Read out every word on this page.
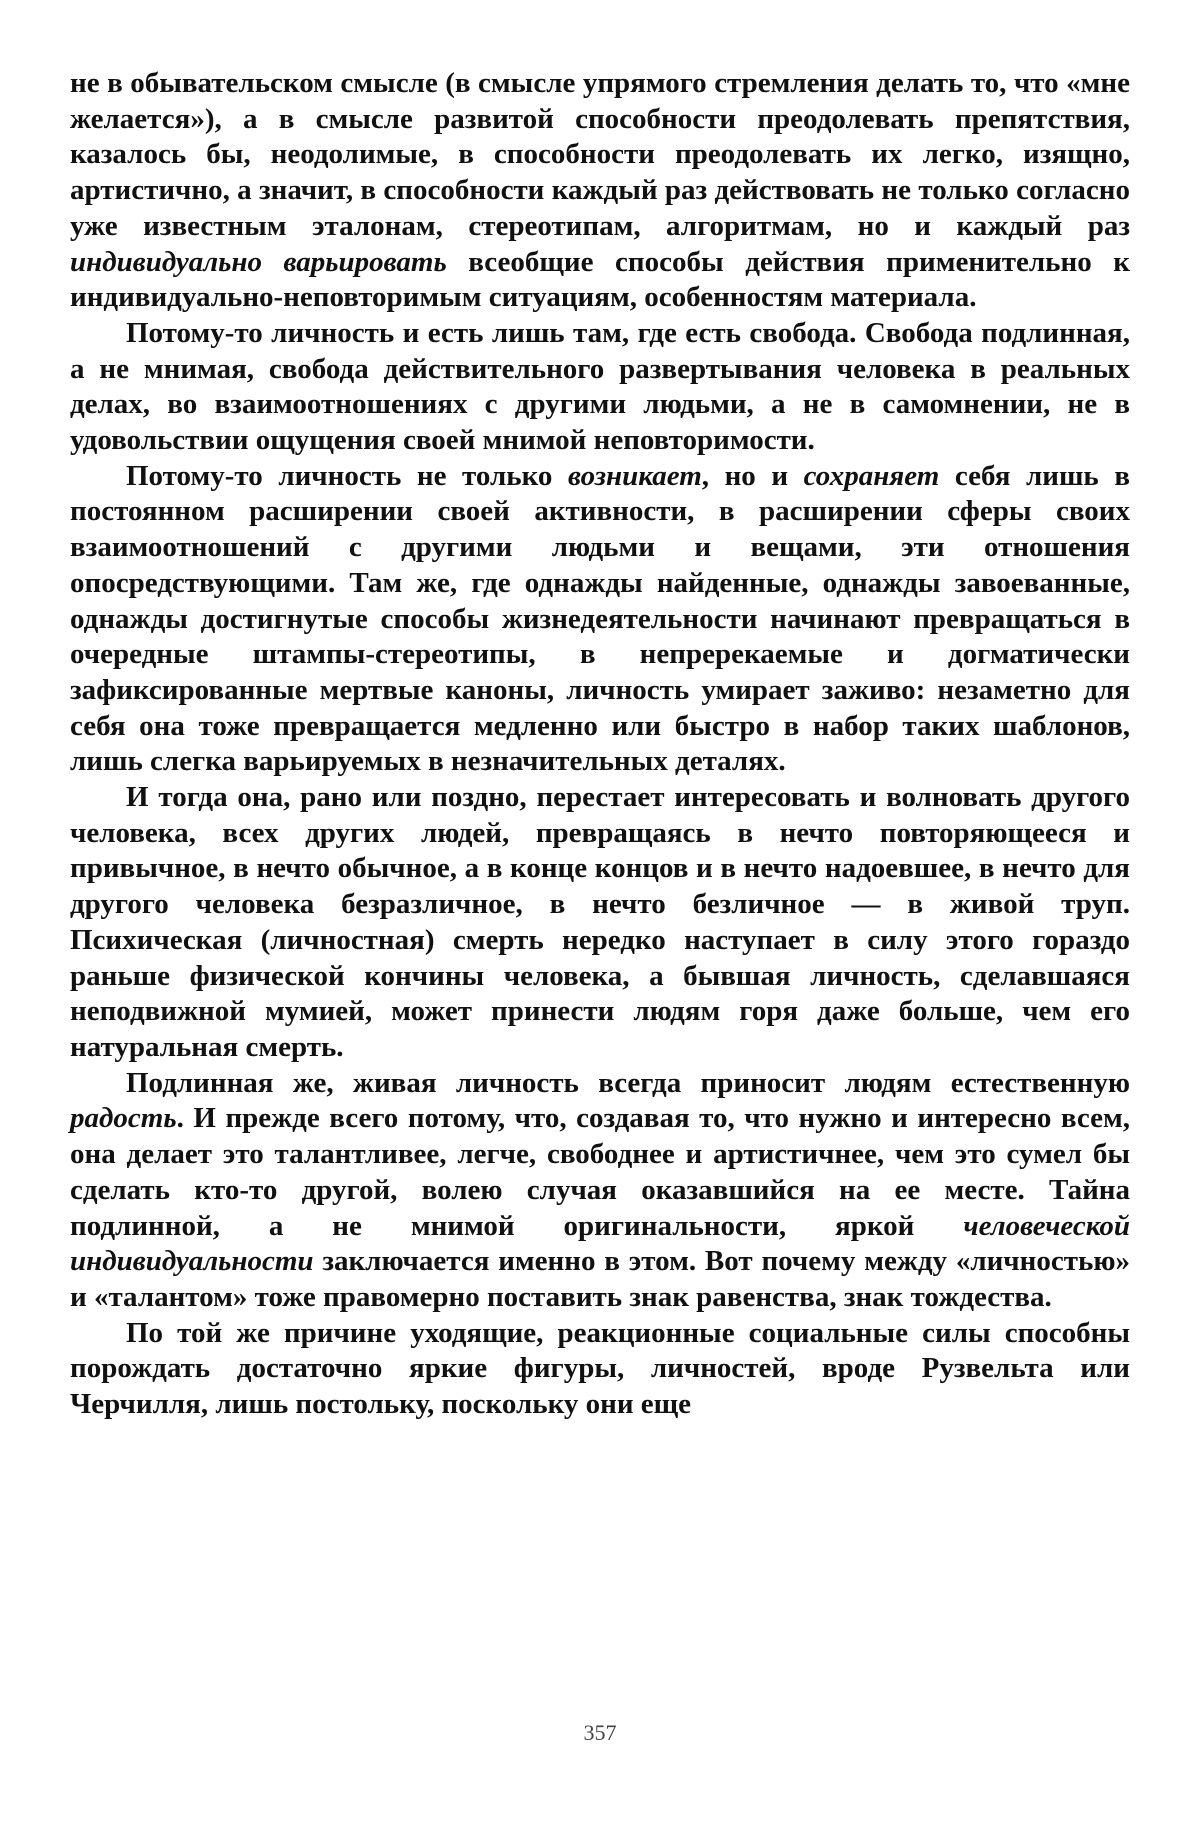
не в обывательском смысле (в смысле упрямого стремления делать то, что «мне желается»), а в смысле развитой способности преодолевать препятствия, казалось бы, неодолимые, в способности преодолевать их легко, изящно, артистично, а значит, в способности каждый раз действовать не только согласно уже известным эталонам, стереотипам, алгоритмам, но и каждый раз индивидуально варьировать всеобщие способы действия применительно к индивидуально-неповторимым ситуациям, особенностям материала.

Потому-то личность и есть лишь там, где есть свобода. Свобода подлинная, а не мнимая, свобода действительного развертывания человека в реальных делах, во взаимоотношениях с другими людьми, а не в самомнении, не в удовольствии ощущения своей мнимой неповторимости.

Потому-то личность не только возникает, но и сохраняет себя лишь в постоянном расширении своей активности, в расширении сферы своих взаимоотношений с другими людьми и вещами, эти отношения опосредствующими. Там же, где однажды найденные, однажды завоеванные, однажды достигнутые способы жизнедеятельности начинают превращаться в очередные штампы-стереотипы, в непререкаемые и догматически зафиксированные мертвые каноны, личность умирает заживо: незаметно для себя она тоже превращается медленно или быстро в набор таких шаблонов, лишь слегка варьируемых в незначительных деталях.

И тогда она, рано или поздно, перестает интересовать и волновать другого человека, всех других людей, превращаясь в нечто повторяющееся и привычное, в нечто обычное, а в конце концов и в нечто надоевшее, в нечто для другого человека безразличное, в нечто безличное — в живой труп. Психическая (личностная) смерть нередко наступает в силу этого гораздо раньше физической кончины человека, а бывшая личность, сделавшаяся неподвижной мумией, может принести людям горя даже больше, чем его натуральная смерть.

Подлинная же, живая личность всегда приносит людям естественную радость. И прежде всего потому, что, создавая то, что нужно и интересно всем, она делает это талантливее, легче, свободнее и артистичнее, чем это сумел бы сделать кто-то другой, волею случая оказавшийся на ее месте. Тайна подлинной, а не мнимой оригинальности, яркой человеческой индивидуальности заключается именно в этом. Вот почему между «личностью» и «талантом» тоже правомерно поставить знак равенства, знак тождества.

По той же причине уходящие, реакционные социальные силы способны порождать достаточно яркие фигуры, личностей, вроде Рузвельта или Черчилля, лишь постольку, поскольку они еще

357
